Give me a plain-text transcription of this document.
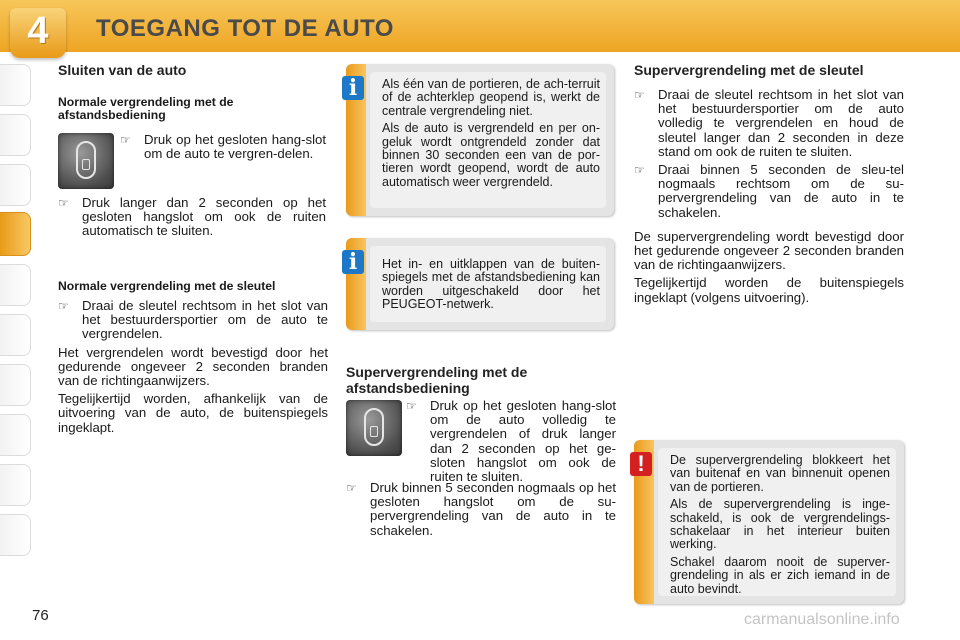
4	TOEGANG TOT DE AUTO
Sluiten van de auto
Normale vergrendeling met de afstandsbediening
☞ Druk op het gesloten hang-slot om de auto te vergren-delen.
☞ Druk langer dan 2 seconden op het gesloten hangslot om ook de ruiten automatisch te sluiten.
Normale vergrendeling met de sleutel
☞ Draai de sleutel rechtsom in het slot van het bestuurdersportier om de auto te vergrendelen.

Het vergrendelen wordt bevestigd door het gedurende ongeveer 2 seconden branden van de richtingaanwijzers.

Tegelijkertijd worden, afhankelijk van de uitvoering van de auto, de buitenspiegels ingeklapt.

Als één van de portieren, de ach-terruit of de achterklep geopend is, werkt de centrale vergrendeling niet.

Als de auto is vergrendeld en per on-geluk wordt ontgrendeld zonder dat binnen 30 seconden een van de por-tieren wordt geopend, wordt de auto automatisch weer vergrendeld.

i

Het in- en uitklappen van de buiten-spiegels met de afstandsbediening kan worden uitgeschakeld door het PEUGEOT-netwerk.

i
Supervergrendeling met de afstandsbediening
☞ Druk op het gesloten hang-slot om de auto volledig te vergrendelen of druk langer dan 2 seconden op het ge-sloten hangslot om ook de ruiten te sluiten.
☞ Druk binnen 5 seconden nogmaals op het gesloten hangslot om de su-pervergrendeling van de auto in te schakelen.
Supervergrendeling met de sleutel
☞ Draai de sleutel rechtsom in het slot van het bestuurdersportier om de auto volledig te vergrendelen en houd de sleutel langer dan 2 seconden in deze stand om ook de ruiten te sluiten.
☞ Draai binnen 5 seconden de sleu-tel nogmaals rechtsom om de su-pervergrendeling van de auto in te schakelen.

De supervergrendeling wordt bevestigd door het gedurende ongeveer 2 seconden branden van de richtingaanwijzers.

Tegelijkertijd worden de buitenspiegels ingeklapt (volgens uitvoering).

De supervergrendeling blokkeert het van buitenaf en van binnenuit openen van de portieren.

Als de supervergrendeling is inge-schakeld, is ook de vergrendelings-schakelaar in het interieur buiten werking.

Schakel daarom nooit de superver-grendeling in als er zich iemand in de auto bevindt.

!
76	carmanualsonline.info
